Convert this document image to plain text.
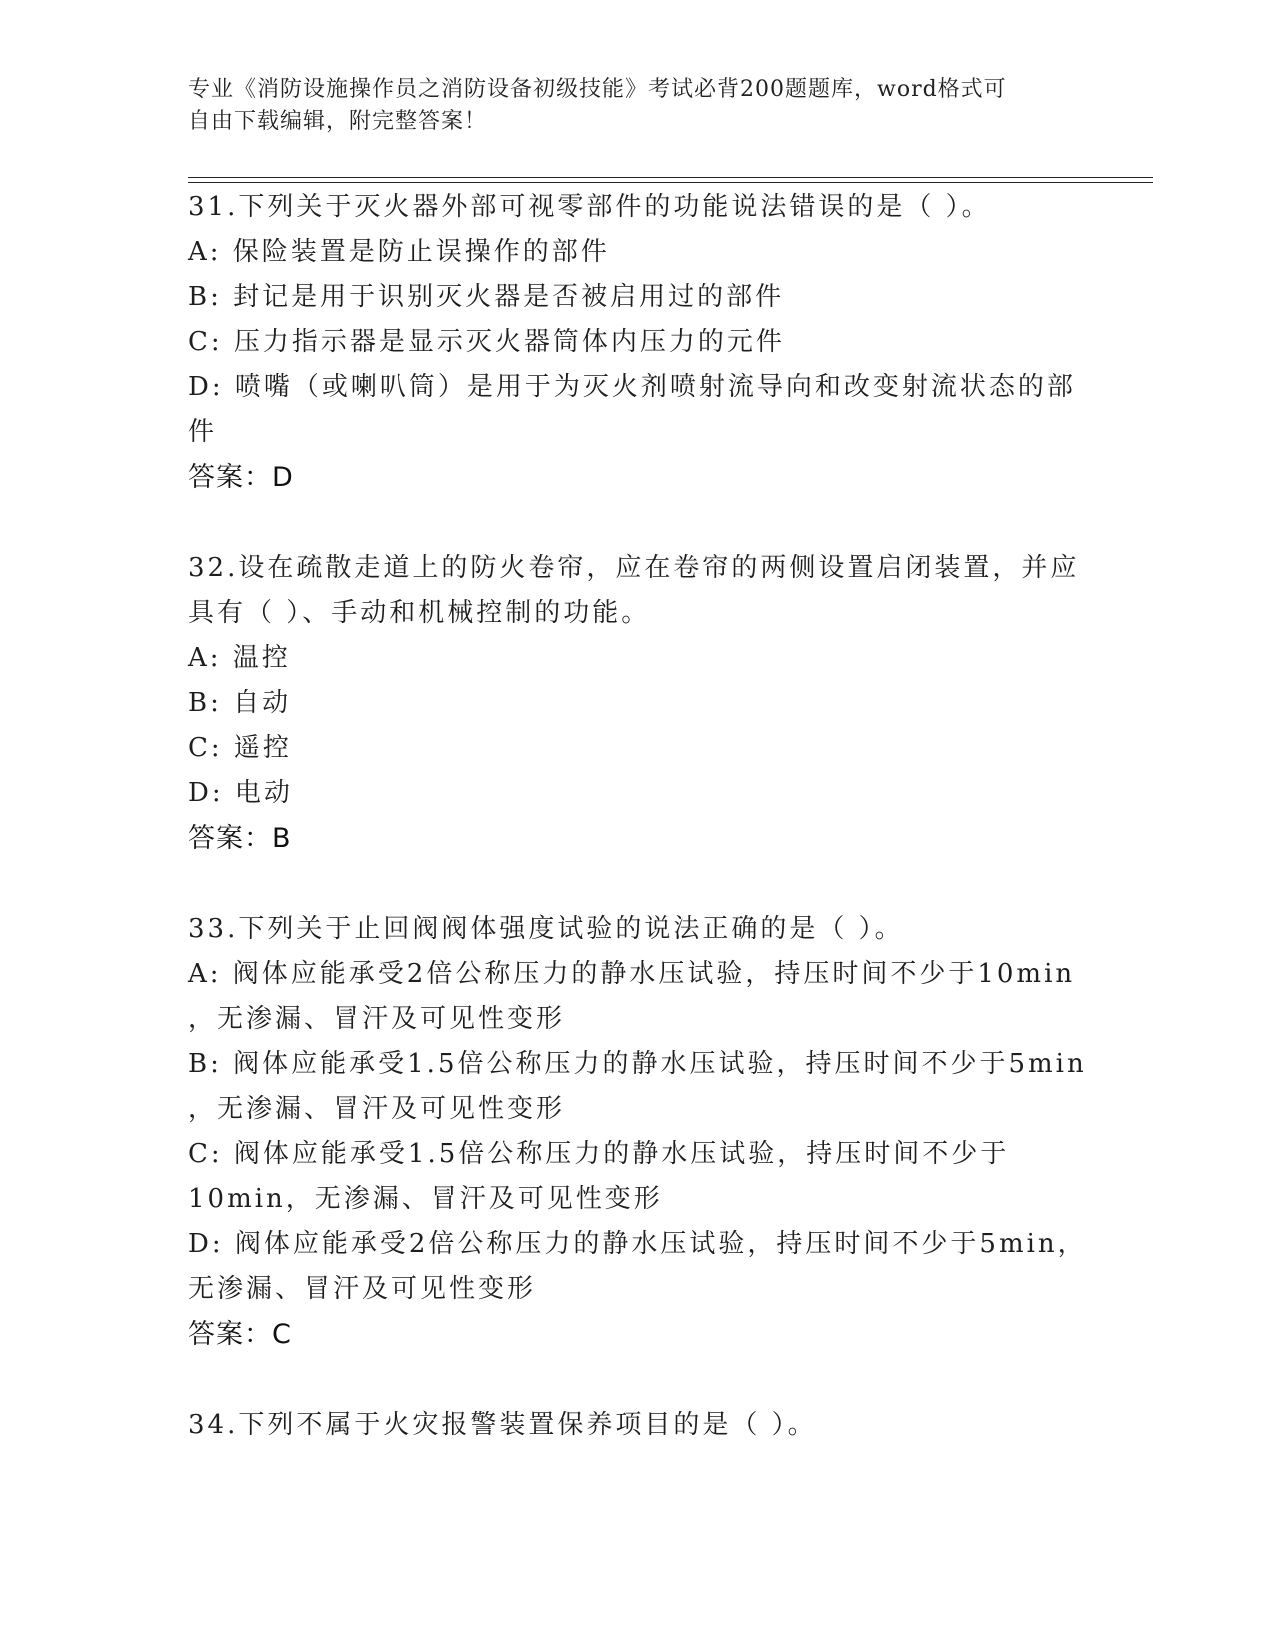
专业《消防设施操作员之消防设备初级技能》考试必背200题题库，word格式可
自由下载编辑，附完整答案！
31.下列关于灭火器外部可视零部件的功能说法错误的是（ ）。
A: 保险装置是防止误操作的部件
B: 封记是用于识别灭火器是否被启用过的部件
C: 压力指示器是显示灭火器筒体内压力的元件
D: 喷嘴（或喇叭筒）是用于为灭火剂喷射流导向和改变射流状态的部
件
答案：D
32.设在疏散走道上的防火卷帘，应在卷帘的两侧设置启闭装置，并应
具有（ ）、手动和机械控制的功能。
A: 温控
B: 自动
C: 遥控
D: 电动
答案：B
33.下列关于止回阀阀体强度试验的说法正确的是（ ）。
A: 阀体应能承受2倍公称压力的静水压试验，持压时间不少于10min
，无渗漏、冒汗及可见性变形
B: 阀体应能承受1.5倍公称压力的静水压试验，持压时间不少于5min
，无渗漏、冒汗及可见性变形
C: 阀体应能承受1.5倍公称压力的静水压试验，持压时间不少于
10min，无渗漏、冒汗及可见性变形
D: 阀体应能承受2倍公称压力的静水压试验，持压时间不少于5min，
无渗漏、冒汗及可见性变形
答案：C
34.下列不属于火灾报警装置保养项目的是（ ）。
